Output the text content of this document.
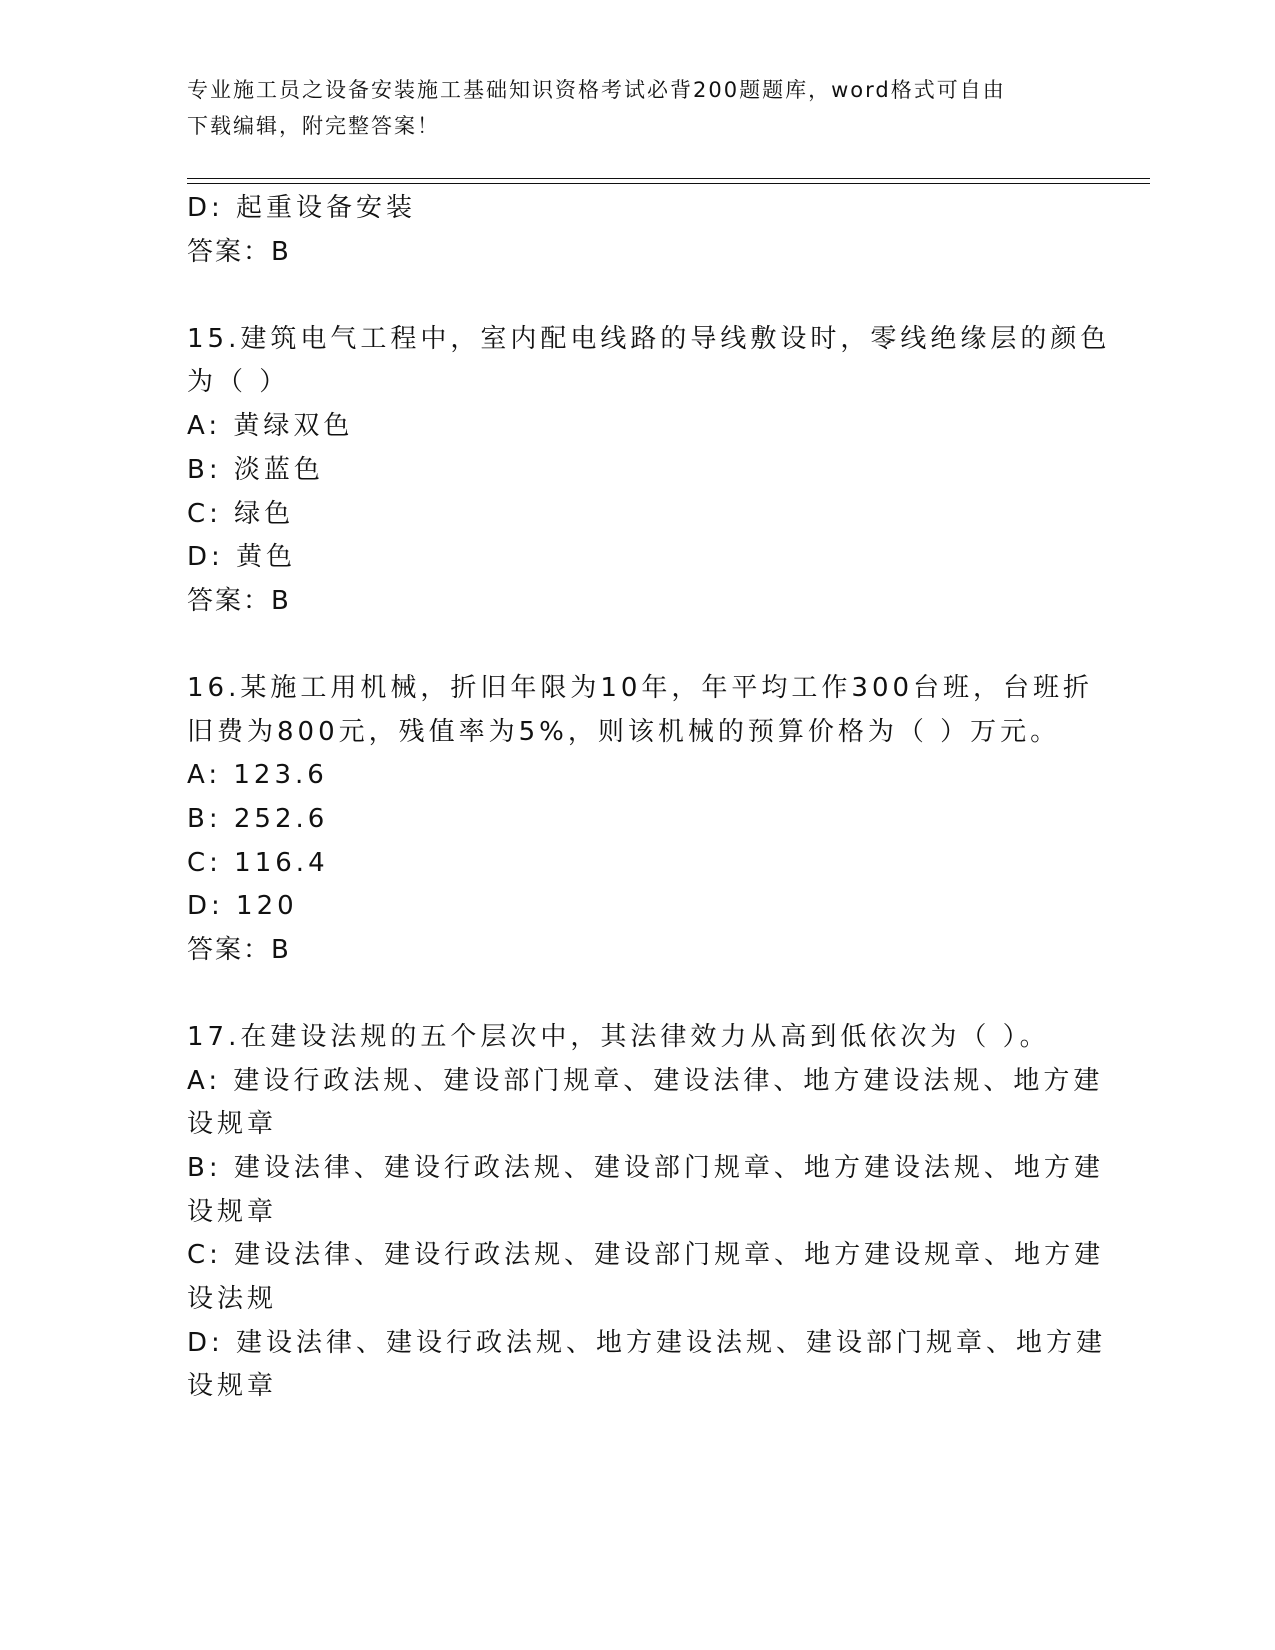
专业施工员之设备安装施工基础知识资格考试必背200题题库，word格式可自由
下载编辑，附完整答案！
D: 起重设备安装
答案：B
15.建筑电气工程中，室内配电线路的导线敷设时，零线绝缘层的颜色
为（ ）
A: 黄绿双色
B: 淡蓝色
C: 绿色
D: 黄色
答案：B
16.某施工用机械，折旧年限为10年，年平均工作300台班，台班折
旧费为800元，残值率为5%，则该机械的预算价格为（ ）万元。
A: 123.6
B: 252.6
C: 116.4
D: 120
答案：B
17.在建设法规的五个层次中，其法律效力从高到低依次为（ ）。
A: 建设行政法规、建设部门规章、建设法律、地方建设法规、地方建
设规章
B: 建设法律、建设行政法规、建设部门规章、地方建设法规、地方建
设规章
C: 建设法律、建设行政法规、建设部门规章、地方建设规章、地方建
设法规
D: 建设法律、建设行政法规、地方建设法规、建设部门规章、地方建
设规章
